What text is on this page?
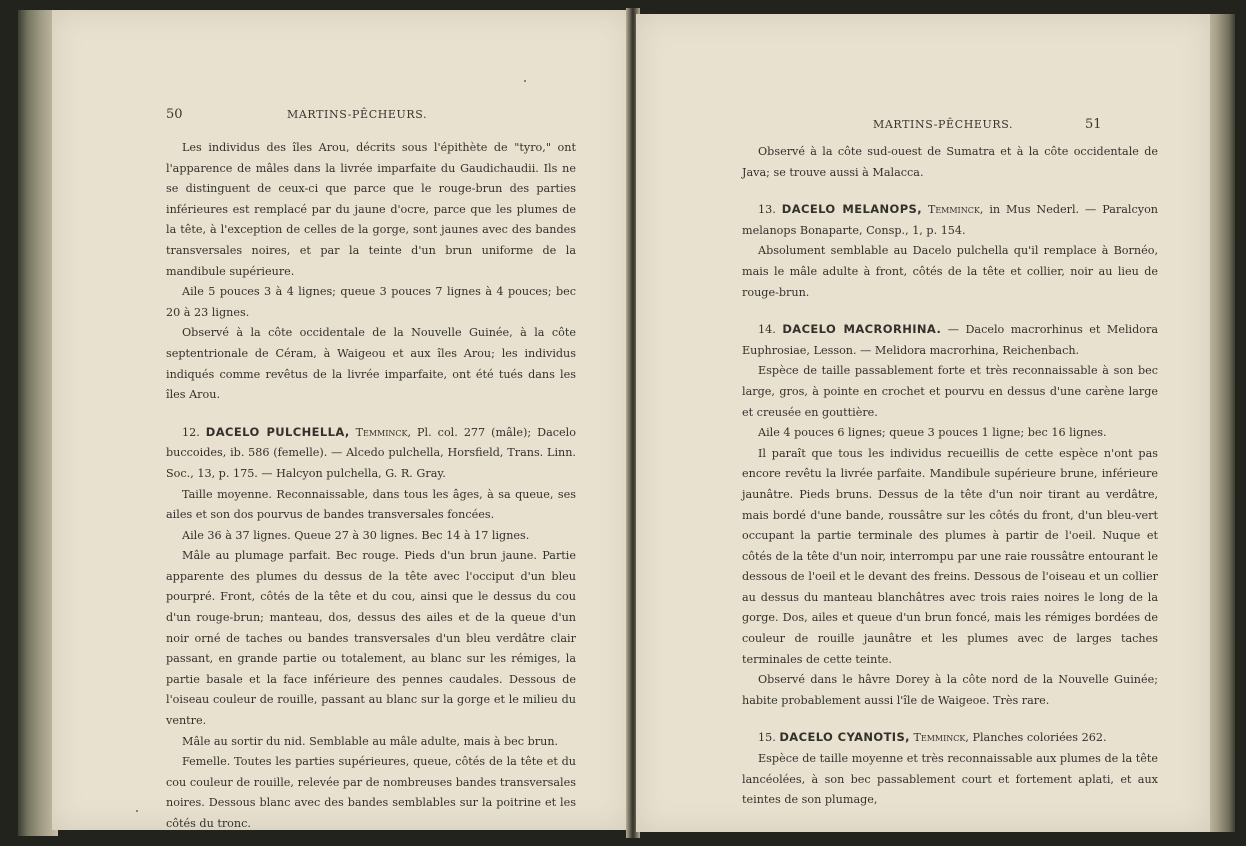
50	MARTINS-PÊCHEURS.

Les individus des îles Arou, décrits sous l'épithète de "tyro," ont l'apparence de mâles dans la livrée imparfaite du Gaudichaudii. Ils ne se distinguent de ceux-ci que parce que le rouge-brun des parties inférieures est remplacé par du jaune d'ocre, parce que les plumes de la tête, à l'exception de celles de la gorge, sont jaunes avec des bandes transversales noires, et par la teinte d'un brun uniforme de la mandibule supérieure.

Aile 5 pouces 3 à 4 lignes; queue 3 pouces 7 lignes à 4 pouces; bec 20 à 23 lignes.

Observé à la côte occidentale de la Nouvelle Guinée, à la côte septentrionale de Céram, à Waigeou et aux îles Arou; les individus indiqués comme revêtus de la livrée imparfaite, ont été tués dans les îles Arou.

12. DACELO PULCHELLA, Temminck, Pl. col. 277 (mâle); Dacelo buccoides, ib. 586 (femelle). — Alcedo pulchella, Horsfield, Trans. Linn. Soc., 13, p. 175. — Halcyon pulchella, G. R. Gray.

Taille moyenne. Reconnaissable, dans tous les âges, à sa queue, ses ailes et son dos pourvus de bandes transversales foncées.

Aile 36 à 37 lignes. Queue 27 à 30 lignes. Bec 14 à 17 lignes.

Mâle au plumage parfait. Bec rouge. Pieds d'un brun jaune. Partie apparente des plumes du dessus de la tête avec l'occiput d'un bleu pourpré. Front, côtés de la tête et du cou, ainsi que le dessus du cou d'un rouge-brun; manteau, dos, dessus des ailes et de la queue d'un noir orné de taches ou bandes transversales d'un bleu verdâtre clair passant, en grande partie ou totalement, au blanc sur les rémiges, la partie basale et la face inférieure des pennes caudales. Dessous de l'oiseau couleur de rouille, passant au blanc sur la gorge et le milieu du ventre.

Mâle au sortir du nid. Semblable au mâle adulte, mais à bec brun.

Femelle. Toutes les parties supérieures, queue, côtés de la tête et du cou couleur de rouille, relevée par de nombreuses bandes transversales noires. Dessous blanc avec des bandes semblables sur la poitrine et les côtés du tronc.

MARTINS-PÊCHEURS.	51

Observé à la côte sud-ouest de Sumatra et à la côte occidentale de Java; se trouve aussi à Malacca.

13. DACELO MELANOPS, Temminck, in Mus Nederl. — Paralcyon melanops Bonaparte, Consp., 1, p. 154.

Absolument semblable au Dacelo pulchella qu'il remplace à Bornéo, mais le mâle adulte à front, côtés de la tête et collier, noir au lieu de rouge-brun.

14. DACELO MACRORHINA. — Dacelo macrorhinus et Melidora Euphrosiae, Lesson. — Melidora macrorhina, Reichenbach.

Espèce de taille passablement forte et très reconnaissable à son bec large, gros, à pointe en crochet et pourvu en dessus d'une carène large et creusée en gouttière.

Aile 4 pouces 6 lignes; queue 3 pouces 1 ligne; bec 16 lignes.

Il paraît que tous les individus recueillis de cette espèce n'ont pas encore revêtu la livrée parfaite. Mandibule supérieure brune, inférieure jaunâtre. Pieds bruns. Dessus de la tête d'un noir tirant au verdâtre, mais bordé d'une bande, roussâtre sur les côtés du front, d'un bleu-vert occupant la partie terminale des plumes à partir de l'oeil. Nuque et côtés de la tête d'un noir, interrompu par une raie roussâtre entourant le dessous de l'oeil et le devant des freins. Dessous de l'oiseau et un collier au dessus du manteau blanchâtres avec trois raies noires le long de la gorge. Dos, ailes et queue d'un brun foncé, mais les rémiges bordées de couleur de rouille jaunâtre et les plumes avec de larges taches terminales de cette teinte.

Observé dans le hâvre Dorey à la côte nord de la Nouvelle Guinée; habite probablement aussi l'île de Waigeoe. Très rare.

15. DACELO CYANOTIS, Temminck, Planches coloriées 262.

Espèce de taille moyenne et très reconnaissable aux plumes de la tête lancéolées, à son bec passablement court et fortement aplati, et aux teintes de son plumage,
